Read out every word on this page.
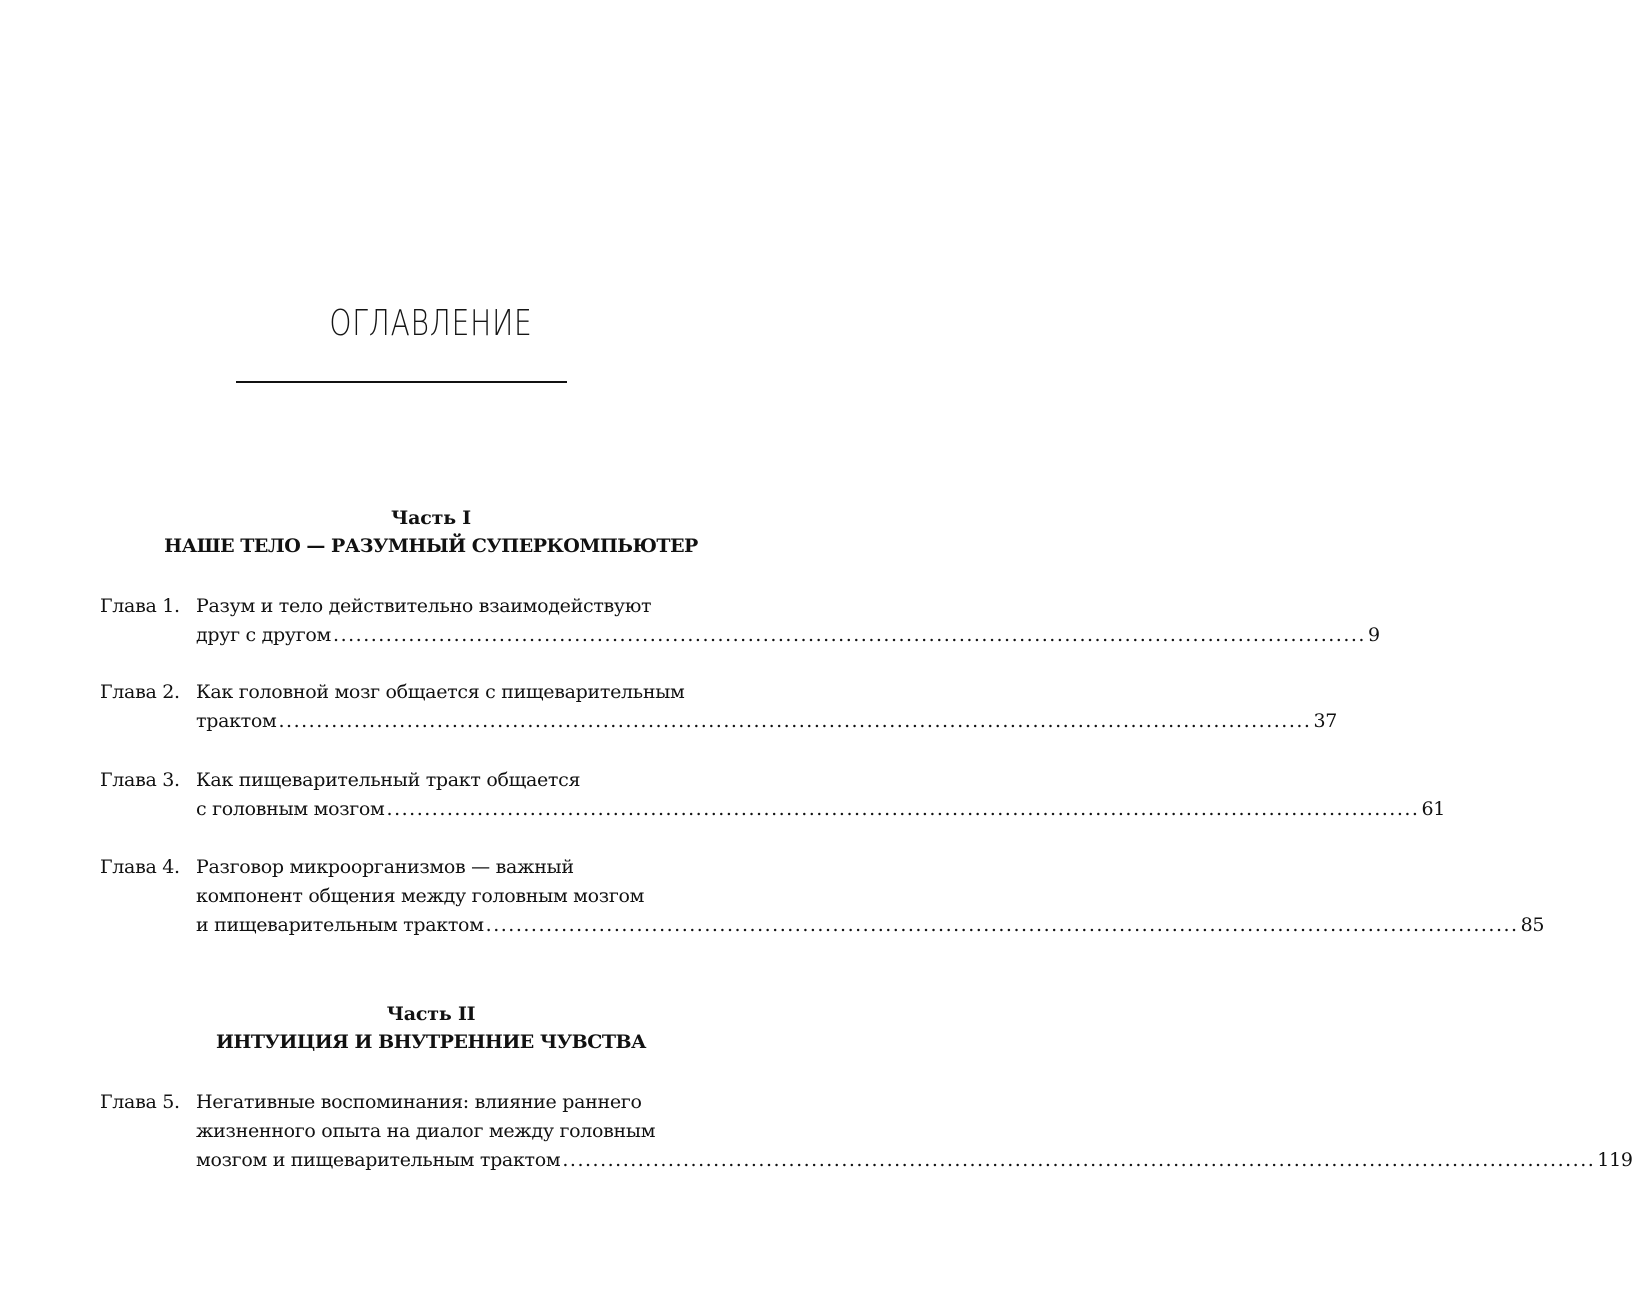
ОГЛАВЛЕНИЕ
Часть I
НАШЕ ТЕЛО — РАЗУМНЫЙ СУПЕРКОМПЬЮТЕР
Глава 1. Разум и тело действительно взаимодействуют
друг с другом ......................................................................................................................................... 9
Глава 2. Как головной мозг общается с пищеварительным
трактом ......................................................................................................................................... 37
Глава 3. Как пищеварительный тракт общается
с головным мозгом ......................................................................................................................................... 61
Глава 4. Разговор микроорганизмов — важный
компонент общения между головным мозгом
и пищеварительным трактом ......................................................................................................................................... 85
Часть II
ИНТУИЦИЯ И ВНУТРЕННИЕ ЧУВСТВА
Глава 5. Негативные воспоминания: влияние раннего
жизненного опыта на диалог между головным
мозгом и пищеварительным трактом ......................................................................................................................................... 119
